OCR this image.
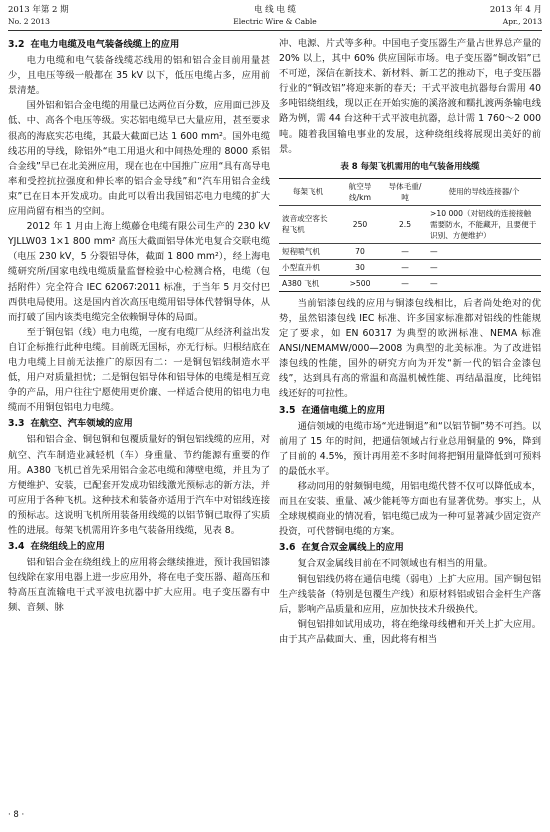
2013 年第 2 期
No. 2 2013
电 线 电 缆
Electric Wire & Cable
2013 年 4 月
Apr., 2013
3.2 在电力电缆及电气装备线缆上的应用

电力电缆和电气装备线缆芯线用的铝和铝合金目前用量甚少，且电压等级一般都在 35 kV 以下，低压电缆占多，应用前景清楚。

国外铝和铝合金电缆的用量已达两位百分数，应用面已涉及低、中、高各个电压等级。实芯铝电缆早已大量应用，甚至要求很高的海底实芯电缆，其最大截面已达 1 600 mm²。国外电缆线芯用的导线，除铝外“电工用退火和中间热处理的 8000 系铝合金线”早已在北美洲应用，现在也在中国推广应用“具有高导电率和受控抗拉强度和伸长率的铝合金导线”和“汽车用铝合金线束”已在日本开发成功。由此可以看出我国铝芯电力电缆的扩大应用尚留有相当的空间。

2012 年 1 月由上海上缆藤仓电缆有限公司生产的 230 kV YJLLW03 1×1 800 mm² 高压大截面铝导体光电复合交联电缆（电压 230 kV，5 分裂铝导体，截面 1 800 mm²），经上海电缆研究所/国家电线电缆质量监督检验中心检测合格，电缆（包括附件）完全符合 IEC 62067∶2011 标准，于当年 5 月交付巴西供电局使用。这是国内首次高压电缆用铝导体代替铜导体，从而打破了国内该类电缆完全依赖铜导体的局面。

至于铜包铝（线）电力电缆，一度有电缆厂从经济利益出发自订企标推行此种电缆。目前既无国标，亦无行标。归根结底在电力电缆上目前无法推广的原因有二：一是铜包铝线制造水平低，用户对质量担忧；二是铜包铝导体和铝导体的电缆是相互竞争的产品，用户往往宁愿使用更价廉、一样适合使用的铝电力电缆而不用铜包铝电力电缆。

3.3 在航空、汽车领域的应用

铝和铝合金、铜包铜和包覆质量好的铜包铝线缆的应用，对航空、汽车制造业减轻机（车）身重量、节约能源有重要的作用。A380 飞机已首先采用铝合金芯电缆和薄壁电缆，并且为了方便维护、安装，已配套开发成功铝线激光预标志的新方法，并可应用于各种飞机。这种技术和装备亦适用于汽车中对铝线连接的预标志。这说明飞机所用装备用线缆的以铝节铜已取得了实质性的进展。每架飞机需用许多电气装备用线缆，见表 8。

3.4 在绕组线上的应用

铝和铝合金在绕组线上的应用将会继续推进，预计我国铝漆包线除在家用电器上进一步应用外，将在电子变压器、超高压和特高压直流输电干式平波电抗器中扩大应用。电子变压器有中频、音频、脉

冲、电源、片式等多种。中国电子变压器生产量占世界总产量的 20% 以上，其中 60% 供应国际市场。电子变压器“铜改铝”已不可逆，深信在新技术、新材料、新工艺的推动下，电子变压器行业的“铜改铝”将迎来新的春天；干式平波电抗器每台需用 40 多吨铝绕组线，现以正在开始实施的溪洛渡和糯扎渡两条输电线路为例，需 44 台这种干式平波电抗器，总计需 1 760～2 000 吨。随着我国输电事业的发展，这种绕组线将展现出美好的前景。

表 8 每架飞机需用的电气装备用线缆
每架飞机	航空导线/km	导体毛重/吨	使用的导线连接器/个
波音或空客长程飞机	250	2.5	>10 000（对铝线的连接接触需要防水，不能藏开，且要便于识别、方便维护）
短程喷气机	70	—	—
小型直升机	30	—	—
A380 飞机	>500	—	—

当前铝漆包线的应用与铜漆包线相比，后者尚处绝对的优势，虽然铝漆包线 IEC 标准、许多国家标准都对铝线的性能规定了要求，如 EN 60317 为典型的欧洲标准、NEMA 标准 ANSI/NEMAMW/000—2008 为典型的北美标准。为了改进铝漆包线的性能，国外的研究方向为开发“新一代的铝合金漆包线”，达到具有高的常温和高温机械性能、再结晶温度，比纯铝线还好的可拉性。

3.5 在通信电缆上的应用

通信领域的电缆市场“光进铜退”和“以铝节铜”势不可挡。以前用了 15 年的时间，把通信领域占行业总用铜量的 9%，降到了目前的 4.5%，预计再用差不多时间将把铜用量降低到可预料的最低水平。

移动同用的射频铜电缆，用铝电缆代替不仅可以降低成本，而且在安装、重量、减少能耗等方面也有显著优势。事实上，从全球规模商业的情况看，铝电缆已成为一种可显著减少固定资产投资，可代替铜电缆的方案。

3.6 在复合双金属线上的应用

复合双金属线目前在不同领域也有相当的用量。

铜包铝线仍将在通信电缆（弱电）上扩大应用。国产铜包铝生产线装备（特别是包覆生产线）和原材料铝或铝合金杆生产落后，影响产品质量和应用，应加快技术升级换代。

铜包铝排如试用成功，将在绝缘母线槽和开关上扩大应用。由于其产品截面大、重，因此将有相当

· 8 ·
